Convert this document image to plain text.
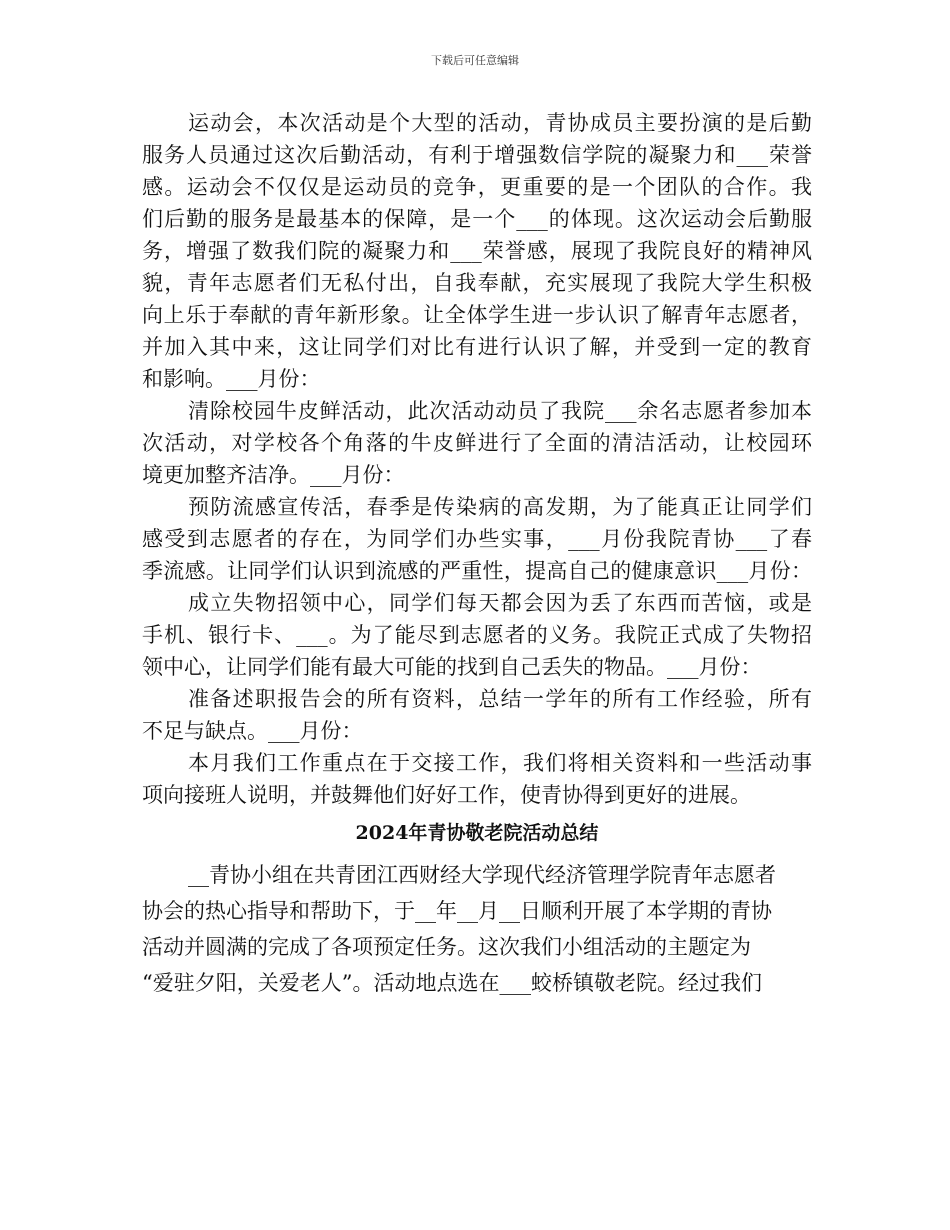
下载后可任意编辑
运动会，本次活动是个大型的活动，青协成员主要扮演的是后勤
服务人员通过这次后勤活动，有利于增强数信学院的凝聚力和___荣誉
感。运动会不仅仅是运动员的竞争，更重要的是一个团队的合作。我
们后勤的服务是最基本的保障，是一个___的体现。这次运动会后勤服
务，增强了数我们院的凝聚力和___荣誉感，展现了我院良好的精神风
貌，青年志愿者们无私付出，自我奉献，充实展现了我院大学生积极
向上乐于奉献的青年新形象。让全体学生进一步认识了解青年志愿者，
并加入其中来，这让同学们对比有进行认识了解，并受到一定的教育
和影响。___月份：
清除校园牛皮鲜活动，此次活动动员了我院___余名志愿者参加本
次活动，对学校各个角落的牛皮鲜进行了全面的清洁活动，让校园环
境更加整齐洁净。___月份：
预防流感宣传活，春季是传染病的高发期，为了能真正让同学们
感受到志愿者的存在，为同学们办些实事，___月份我院青协___了春
季流感。让同学们认识到流感的严重性，提高自己的健康意识___月份：
成立失物招领中心，同学们每天都会因为丢了东西而苦恼，或是
手机、银行卡、___。为了能尽到志愿者的义务。我院正式成了失物招
领中心，让同学们能有最大可能的找到自己丢失的物品。___月份：
准备述职报告会的所有资料，总结一学年的所有工作经验，所有
不足与缺点。___月份：
本月我们工作重点在于交接工作，我们将相关资料和一些活动事
项向接班人说明，并鼓舞他们好好工作，使青协得到更好的进展。
2024年青协敬老院活动总结
__青协小组在共青团江西财经大学现代经济管理学院青年志愿者
协会的热心指导和帮助下，于__年__月__日顺利开展了本学期的青协
活动并圆满的完成了各项预定任务。这次我们小组活动的主题定为
“爱驻夕阳，关爱老人”。活动地点选在___蛟桥镇敬老院。经过我们
